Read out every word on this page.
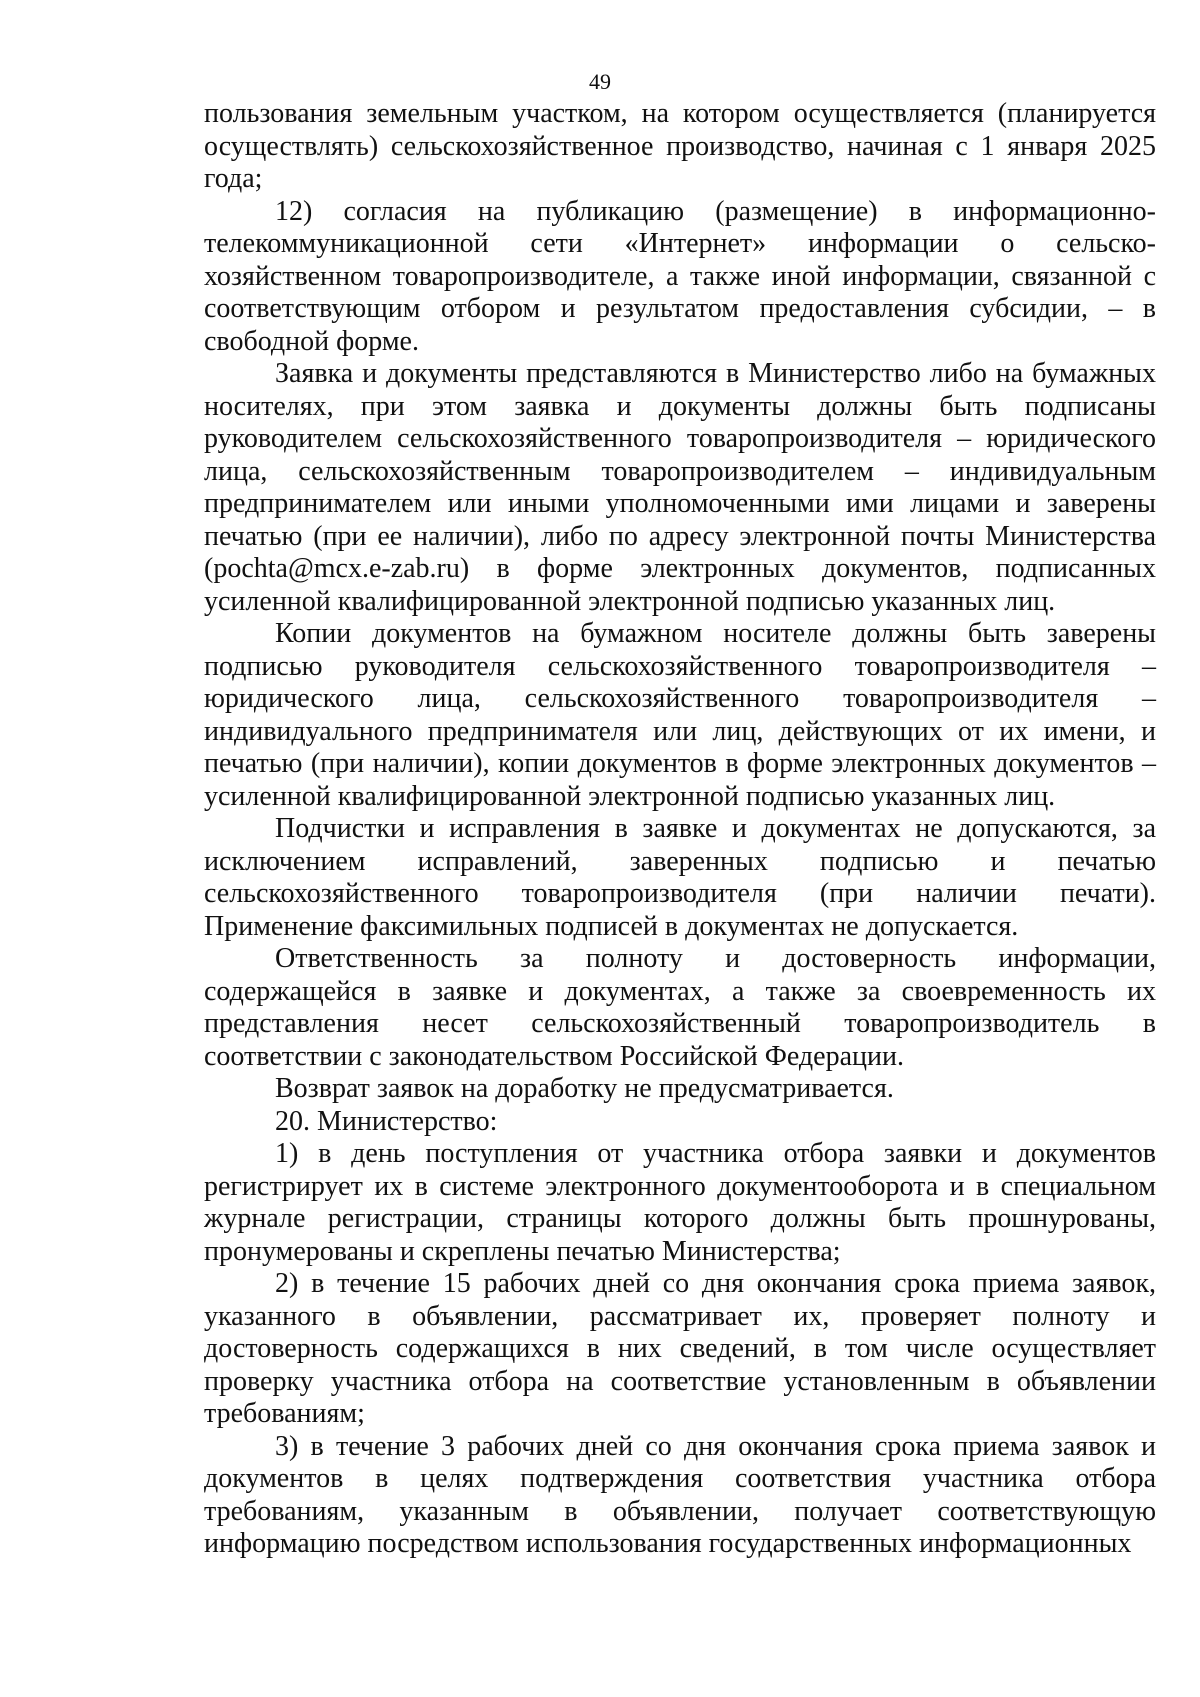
49

пользования земельным участком, на котором осуществляется (планируется осуществлять) сельскохозяйственное производство, начиная с 1 января 2025 года;

12) согласия на публикацию (размещение) в информационно-телекоммуникационной сети «Интернет» информации о сельско-хозяйственном товаропроизводителе, а также иной информации, связанной с соответствующим отбором и результатом предоставления субсидии, – в свободной форме.

Заявка и документы представляются в Министерство либо на бумажных носителях, при этом заявка и документы должны быть подписаны руководителем сельскохозяйственного товаропроизводителя – юридического лица, сельскохозяйственным товаропроизводителем – индивидуальным предпринимателем или иными уполномоченными ими лицами и заверены печатью (при ее наличии), либо по адресу электронной почты Министерства (pochta@mcx.e-zab.ru) в форме электронных документов, подписанных усиленной квалифицированной электронной подписью указанных лиц.

Копии документов на бумажном носителе должны быть заверены подписью руководителя сельскохозяйственного товаропроизводителя – юридического лица, сельскохозяйственного товаропроизводителя – индивидуального предпринимателя или лиц, действующих от их имени, и печатью (при наличии), копии документов в форме электронных документов – усиленной квалифицированной электронной подписью указанных лиц.

Подчистки и исправления в заявке и документах не допускаются, за исключением исправлений, заверенных подписью и печатью сельскохозяйственного товаропроизводителя (при наличии печати). Применение факсимильных подписей в документах не допускается.

Ответственность за полноту и достоверность информации, содержащейся в заявке и документах, а также за своевременность их представления несет сельскохозяйственный товаропроизводитель в соответствии с законодательством Российской Федерации.

Возврат заявок на доработку не предусматривается.

20. Министерство:

1) в день поступления от участника отбора заявки и документов регистрирует их в системе электронного документооборота и в специальном журнале регистрации, страницы которого должны быть прошнурованы, пронумерованы и скреплены печатью Министерства;

2) в течение 15 рабочих дней со дня окончания срока приема заявок, указанного в объявлении, рассматривает их, проверяет полноту и достоверность содержащихся в них сведений, в том числе осуществляет проверку участника отбора на соответствие установленным в объявлении требованиям;

3) в течение 3 рабочих дней со дня окончания срока приема заявок и документов в целях подтверждения соответствия участника отбора требованиям, указанным в объявлении, получает соответствующую информацию посредством использования государственных информационных
